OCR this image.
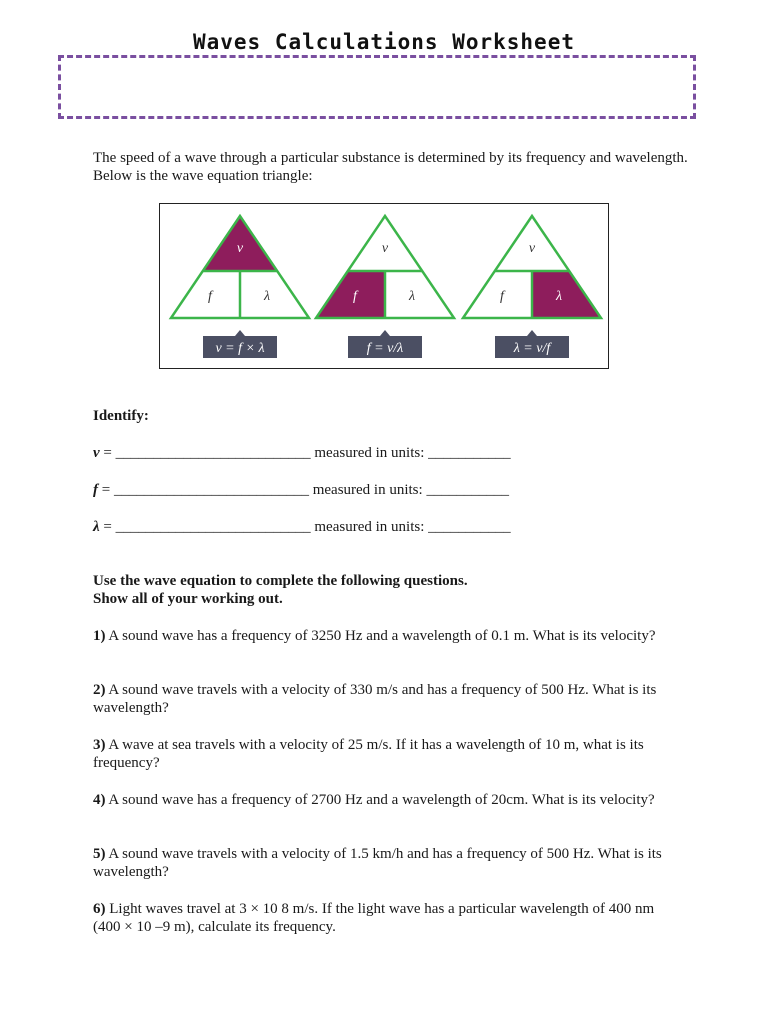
Waves Calculations Worksheet
The speed of a wave through a particular substance is determined by its frequency and wavelength. Below is the wave equation triangle:
v
f	λ
v = f × λ
v
f	λ
f = v/λ
v
f	λ
λ = v/f
Identify:
v = __________________________ measured in units: ___________
f = __________________________ measured in units: ___________
λ = __________________________ measured in units: ___________
Use the wave equation to complete the following questions.
Show all of your working out.
1) A sound wave has a frequency of 3250 Hz and a wavelength of 0.1 m. What is its velocity?
2) A sound wave travels with a velocity of 330 m/s and has a frequency of 500 Hz. What is its wavelength?
3) A wave at sea travels with a velocity of 25 m/s. If it has a wavelength of 10 m, what is its frequency?
4) A sound wave has a frequency of 2700 Hz and a wavelength of 20cm. What is its velocity?
5) A sound wave travels with a velocity of 1.5 km/h and has a frequency of 500 Hz. What is its wavelength?
6) Light waves travel at 3 × 10 8 m/s. If the light wave has a particular wavelength of 400 nm (400 × 10 –9 m), calculate its frequency.
